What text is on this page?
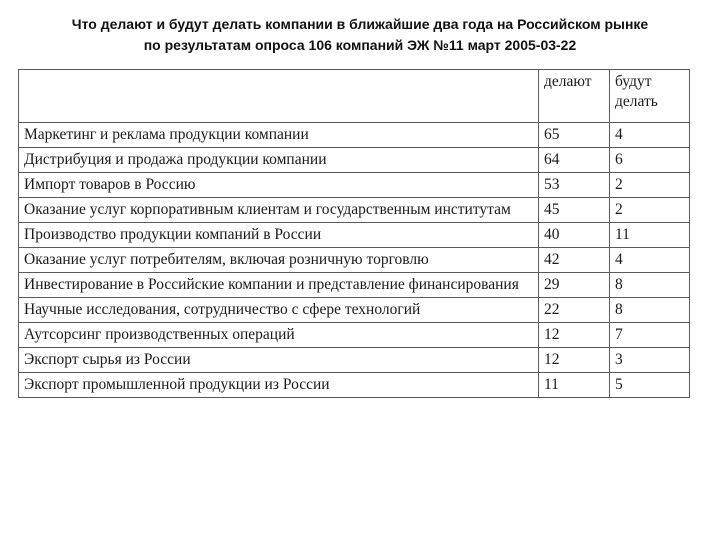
Что делают и будут делать компании в ближайшие два года на Российском рынке
по результатам опроса 106 компаний ЭЖ №11 март 2005-03-22
	делают	будут делать
Маркетинг и реклама продукции компании	65	4
Дистрибуция и продажа продукции компании	64	6
Импорт товаров в Россию	53	2
Оказание услуг корпоративным клиентам и государственным институтам	45	2
Производство продукции компаний в России	40	11
Оказание услуг потребителям, включая розничную торговлю	42	4
Инвестирование в Российские компании и представление финансирования	29	8
Научные исследования, сотрудничество с сфере технологий	22	8
Аутсорсинг производственных операций	12	7
Экспорт сырья из России	12	3
Экспорт промышленной продукции из России	11	5
